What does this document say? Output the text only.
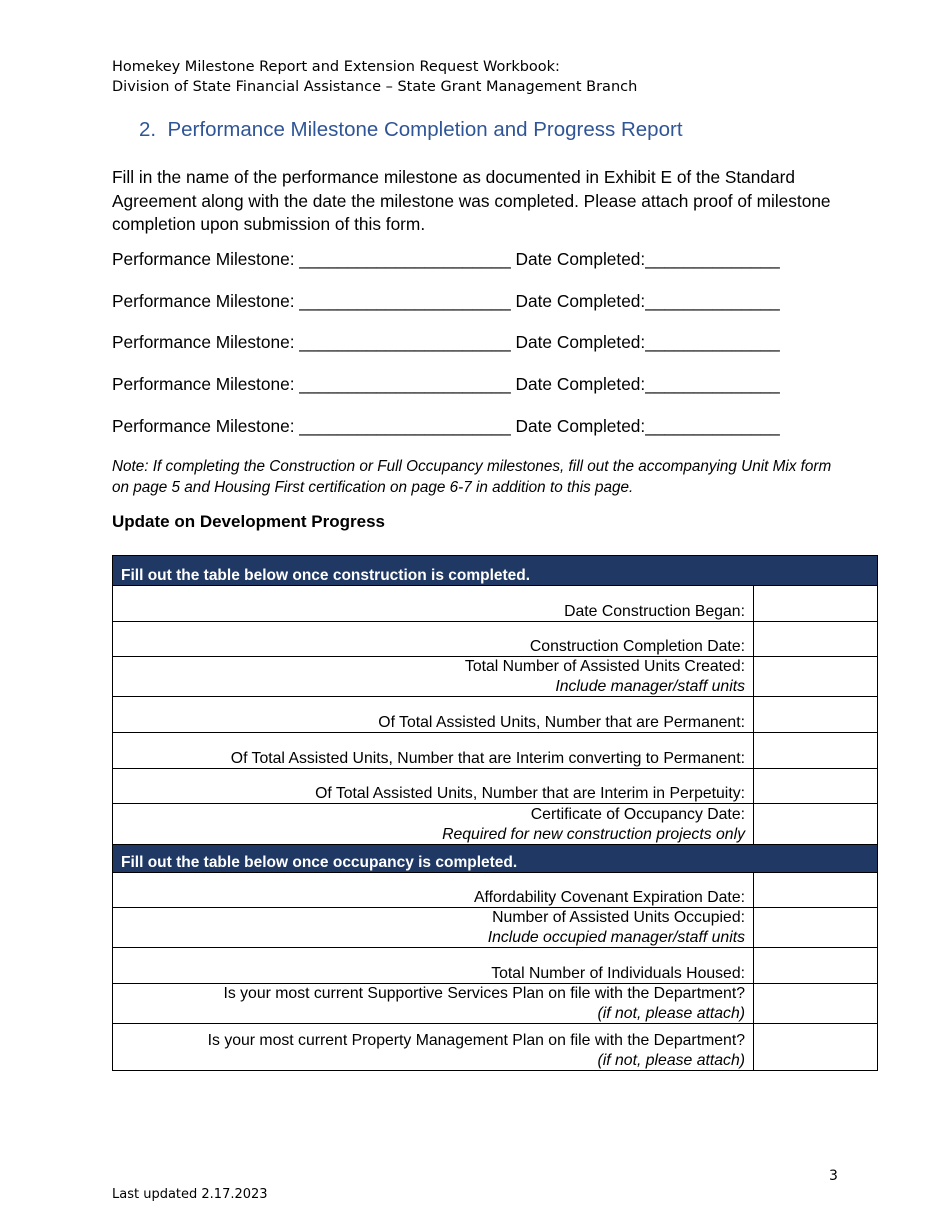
Homekey Milestone Report and Extension Request Workbook:
Division of State Financial Assistance – State Grant Management Branch
2.  Performance Milestone Completion and Progress Report
Fill in the name of the performance milestone as documented in Exhibit E of the Standard Agreement along with the date the milestone was completed. Please attach proof of milestone completion upon submission of this form.
Performance Milestone: ______________________ Date Completed:______________
Performance Milestone: ______________________ Date Completed:______________
Performance Milestone: ______________________ Date Completed:______________
Performance Milestone: ______________________ Date Completed:______________
Performance Milestone: ______________________ Date Completed:______________
Note: If completing the Construction or Full Occupancy milestones, fill out the accompanying Unit Mix form on page 5 and Housing First certification on page 6-7 in addition to this page.
Update on Development Progress
Fill out the table below once construction is completed.	

Date Construction Began:	

Construction Completion Date:	

Total Number of Assisted Units Created:
Include manager/staff units	

Of Total Assisted Units, Number that are Permanent:	

Of Total Assisted Units, Number that are Interim converting to Permanent:	

Of Total Assisted Units, Number that are Interim in Perpetuity:	

Certificate of Occupancy Date:
Required for new construction projects only	

Fill out the table below once occupancy is completed.	

Affordability Covenant Expiration Date:	

Number of Assisted Units Occupied:
Include occupied manager/staff units	

Total Number of Individuals Housed:	

Is your most current Supportive Services Plan on file with the Department?
(if not, please attach)	

Is your most current Property Management Plan on file with the Department?
(if not, please attach)	

3
Last updated 2.17.2023
